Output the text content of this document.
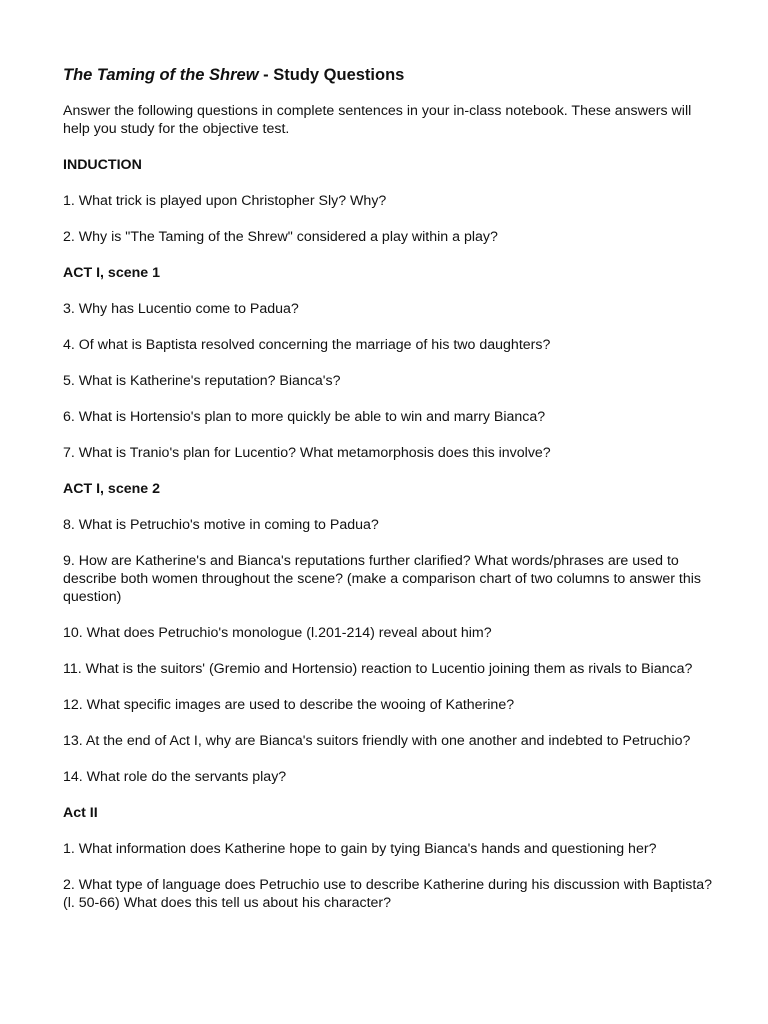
The Taming of the Shrew - Study Questions

Answer the following questions in complete sentences in your in-class notebook. These answers will help you study for the objective test.

INDUCTION

1. What trick is played upon Christopher Sly? Why?

2. Why is "The Taming of the Shrew" considered a play within a play?

ACT I, scene 1

3. Why has Lucentio come to Padua?

4. Of what is Baptista resolved concerning the marriage of his two daughters?

5. What is Katherine's reputation? Bianca's?

6. What is Hortensio's plan to more quickly be able to win and marry Bianca?

7. What is Tranio's plan for Lucentio? What metamorphosis does this involve?

ACT I, scene 2

8. What is Petruchio's motive in coming to Padua?

9. How are Katherine's and Bianca's reputations further clarified? What words/phrases are used to describe both women throughout the scene? (make a comparison chart of two columns to answer this question)

10. What does Petruchio's monologue (l.201-214) reveal about him?

11. What is the suitors' (Gremio and Hortensio) reaction to Lucentio joining them as rivals to Bianca?

12. What specific images are used to describe the wooing of Katherine?

13. At the end of Act I, why are Bianca's suitors friendly with one another and indebted to Petruchio?

14. What role do the servants play?

Act II

1. What information does Katherine hope to gain by tying Bianca's hands and questioning her?

2. What type of language does Petruchio use to describe Katherine during his discussion with Baptista? (l. 50-66) What does this tell us about his character?
